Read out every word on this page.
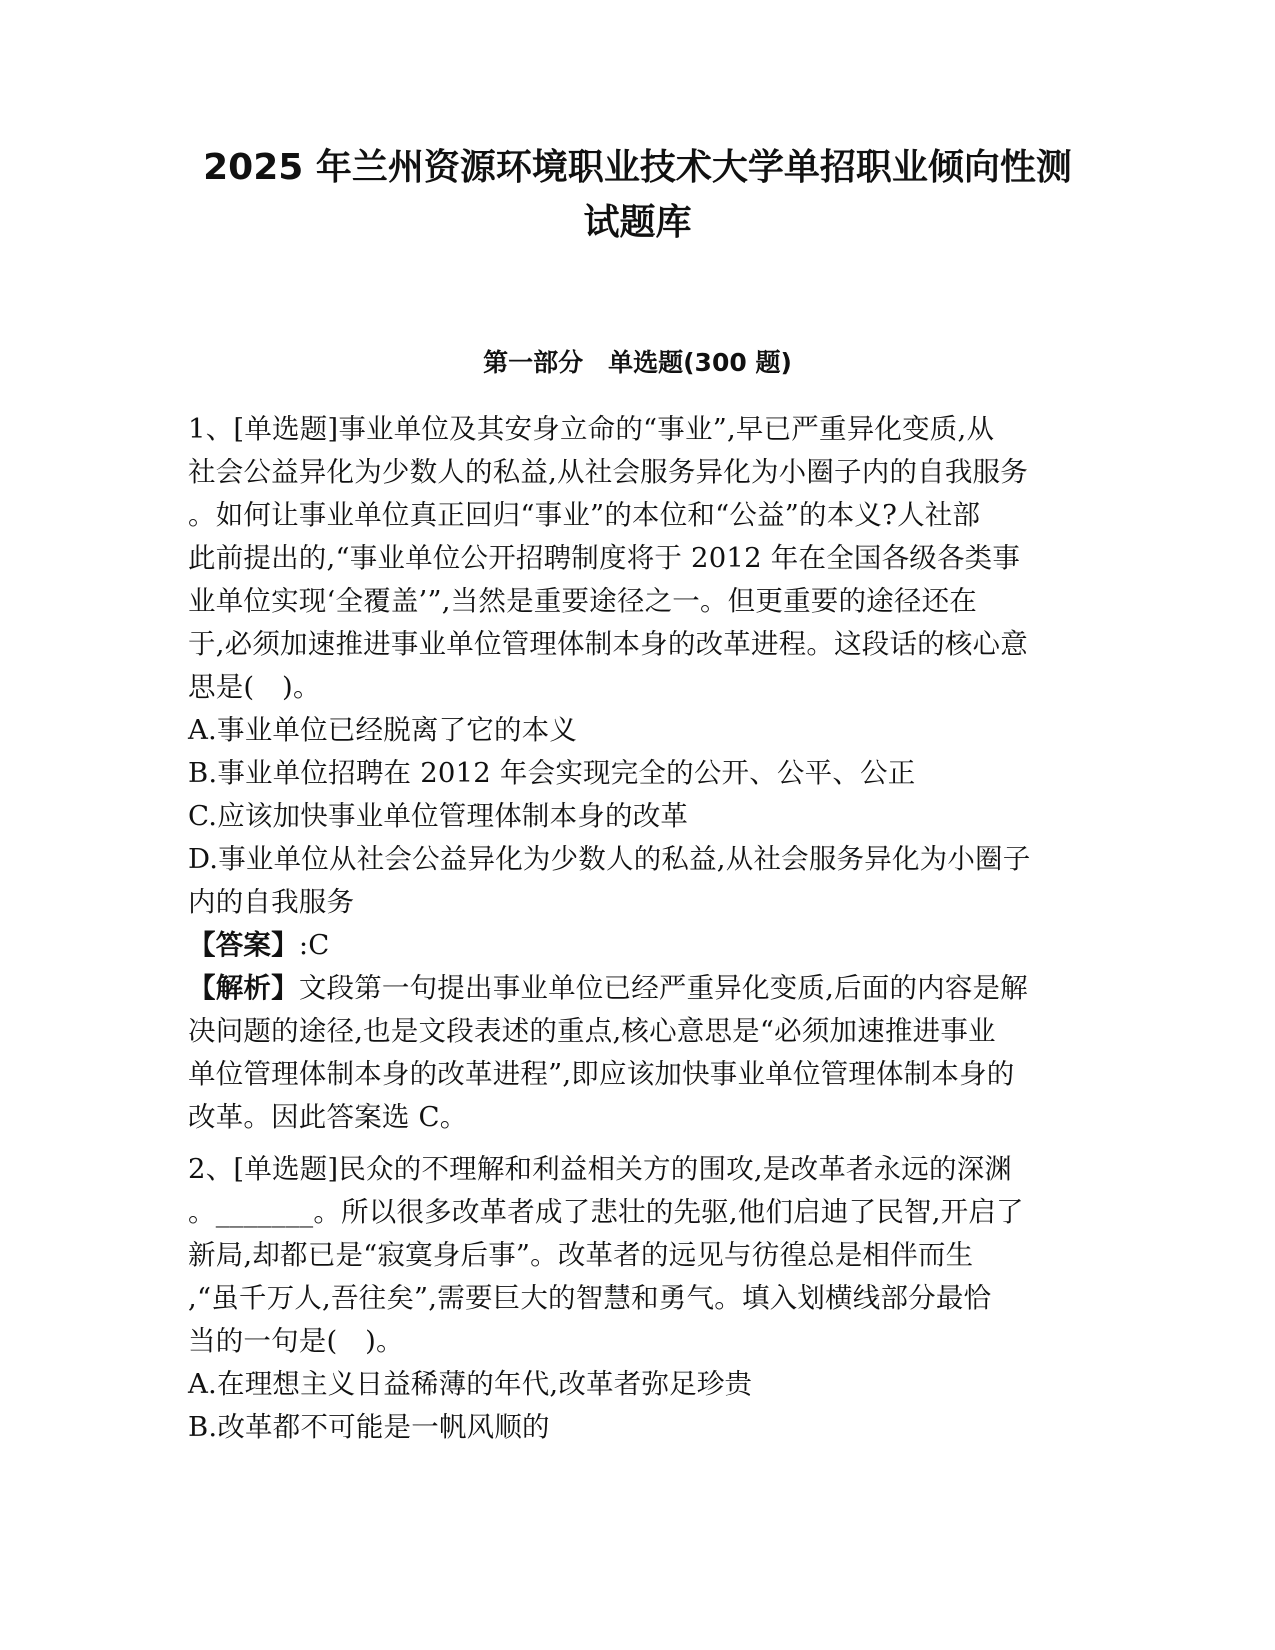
2025 年兰州资源环境职业技术大学单招职业倾向性测
试题库
第一部分　单选题(300 题)
1、[单选题]事业单位及其安身立命的“事业”,早已严重异化变质,从
社会公益异化为少数人的私益,从社会服务异化为小圈子内的自我服务
。如何让事业单位真正回归“事业”的本位和“公益”的本义?人社部
此前提出的,“事业单位公开招聘制度将于 2012 年在全国各级各类事
业单位实现‘全覆盖’”,当然是重要途径之一。但更重要的途径还在
于,必须加速推进事业单位管理体制本身的改革进程。这段话的核心意
思是(　)。
A.事业单位已经脱离了它的本义
B.事业单位招聘在 2012 年会实现完全的公开、公平、公正
C.应该加快事业单位管理体制本身的改革
D.事业单位从社会公益异化为少数人的私益,从社会服务异化为小圈子
内的自我服务
【答案】:C
【解析】文段第一句提出事业单位已经严重异化变质,后面的内容是解
决问题的途径,也是文段表述的重点,核心意思是“必须加速推进事业
单位管理体制本身的改革进程”,即应该加快事业单位管理体制本身的
改革。因此答案选 C。
2、[单选题]民众的不理解和利益相关方的围攻,是改革者永远的深渊
。_______。所以很多改革者成了悲壮的先驱,他们启迪了民智,开启了
新局,却都已是“寂寞身后事”。改革者的远见与彷徨总是相伴而生
,“虽千万人,吾往矣”,需要巨大的智慧和勇气。填入划横线部分最恰
当的一句是(　)。
A.在理想主义日益稀薄的年代,改革者弥足珍贵
B.改革都不可能是一帆风顺的
